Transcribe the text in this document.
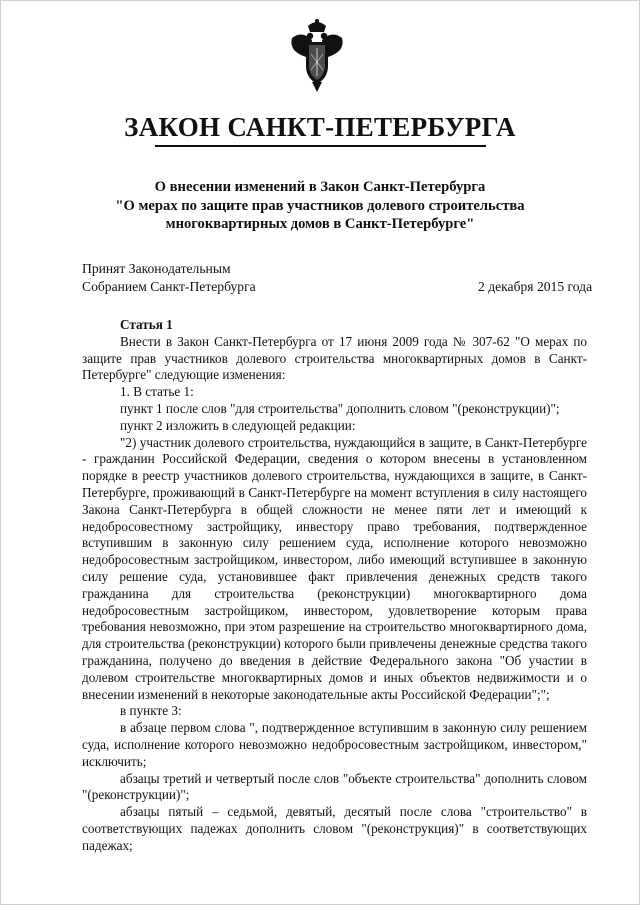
ЗАКОН САНКТ-ПЕТЕРБУРГА
О внесении изменений в Закон Санкт-Петербурга
"О мерах по защите прав участников долевого строительства
многоквартирных домов в Санкт-Петербурге"
Принят Законодательным
Собранием Санкт-Петербурга	2 декабря 2015 года

Статья 1

Внести в Закон Санкт-Петербурга от 17 июня 2009 года № 307-62 "О мерах по защите прав участников долевого строительства многоквартирных домов в Санкт-Петербурге" следующие изменения:

1. В статье 1:

пункт 1 после слов "для строительства" дополнить словом "(реконструкции)";

пункт 2 изложить в следующей редакции:

"2) участник долевого строительства, нуждающийся в защите, в Санкт-Петербурге - гражданин Российской Федерации, сведения о котором внесены в установленном порядке в реестр участников долевого строительства, нуждающихся в защите, в Санкт-Петербурге, проживающий в Санкт-Петербурге на момент вступления в силу настоящего Закона Санкт-Петербурга в общей сложности не менее пяти лет и имеющий к недобросовестному застройщику, инвестору право требования, подтвержденное вступившим в законную силу решением суда, исполнение которого невозможно недобросовестным застройщиком, инвестором, либо имеющий вступившее в законную силу решение суда, установившее факт привлечения денежных средств такого гражданина для строительства (реконструкции) многоквартирного дома недобросовестным застройщиком, инвестором, удовлетворение которым права требования невозможно, при этом разрешение на строительство многоквартирного дома, для строительства (реконструкции) которого были привлечены денежные средства такого гражданина, получено до введения в действие Федерального закона "Об участии в долевом строительстве многоквартирных домов и иных объектов недвижимости и о внесении изменений в некоторые законодательные акты Российской Федерации";";

в пункте 3:

в абзаце первом слова ", подтвержденное вступившим в законную силу решением суда, исполнение которого невозможно недобросовестным застройщиком, инвестором," исключить;

абзацы третий и четвертый после слов "объекте строительства" дополнить словом "(реконструкции)";

абзацы пятый – седьмой, девятый, десятый после слова "строительство" в соответствующих падежах дополнить словом "(реконструкция)" в соответствующих падежах;
